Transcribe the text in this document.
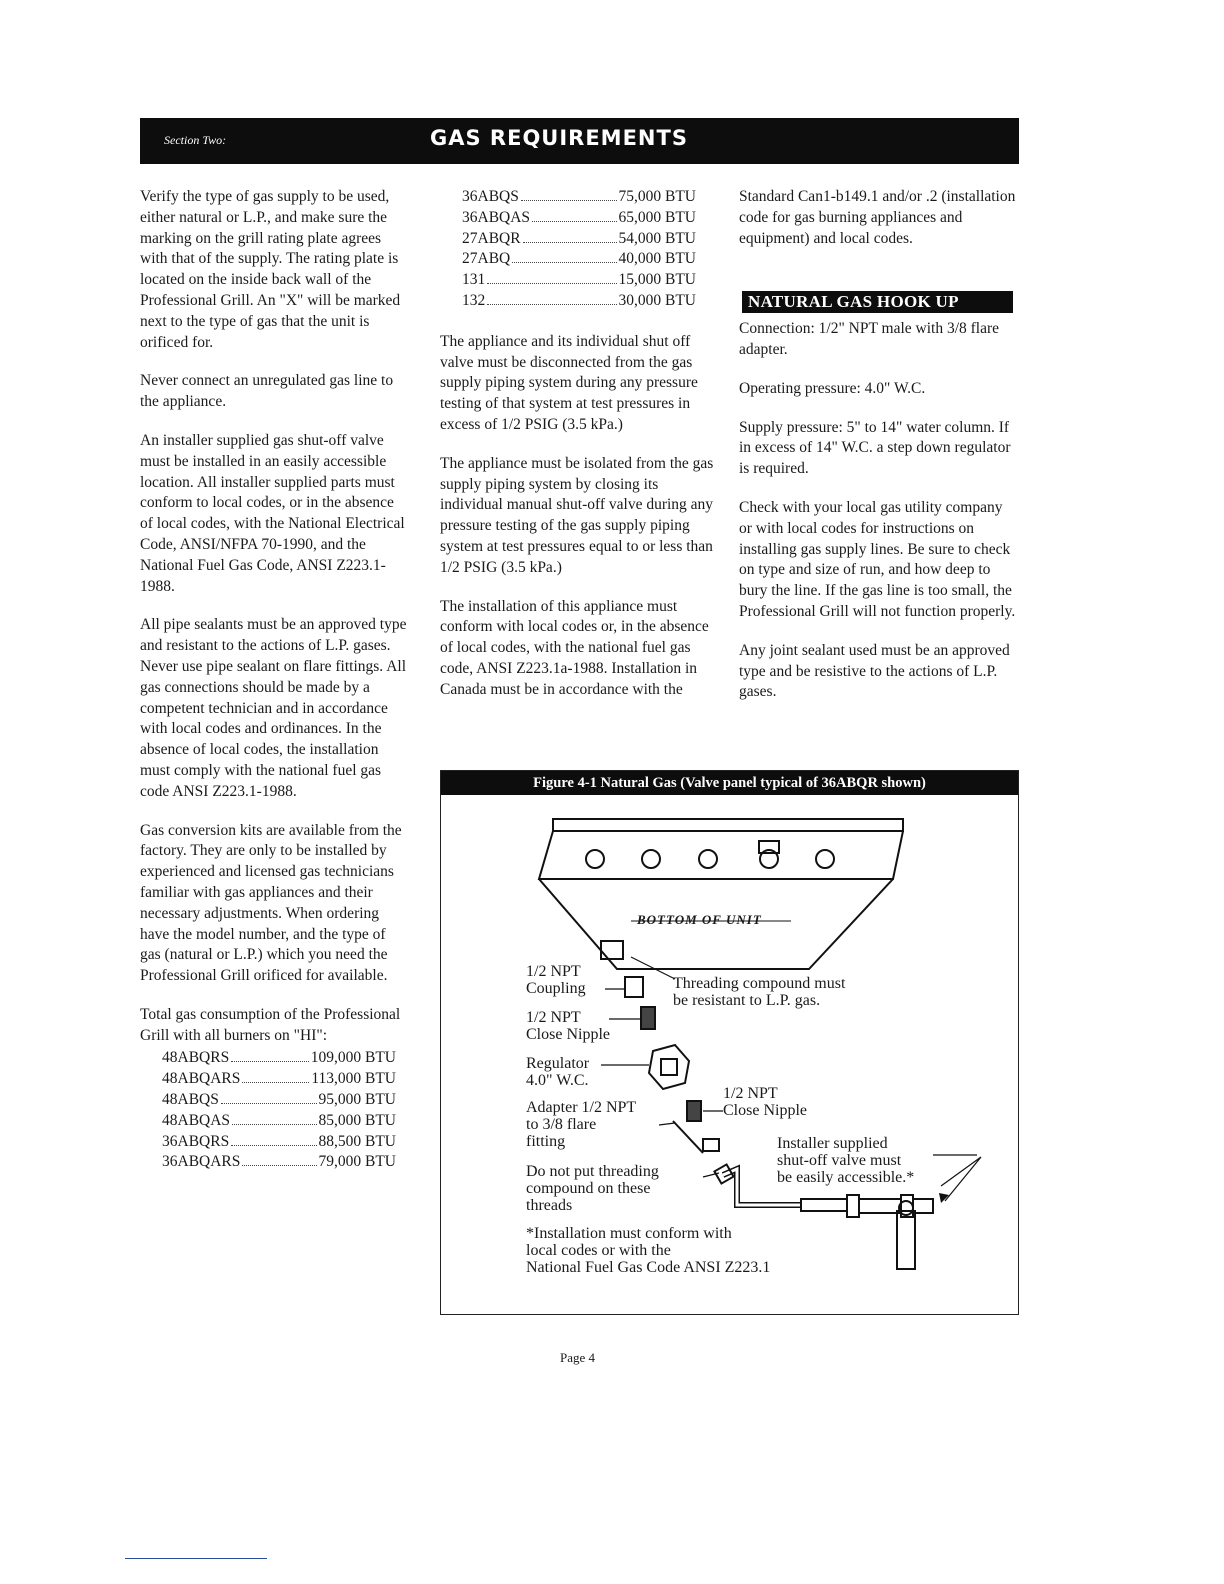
Section Two:	GAS REQUIREMENTS

Verify the type of gas supply to be used, either natural or L.P., and make sure the marking on the grill rating plate agrees with that of the supply. The rating plate is located on the inside back wall of the Professional Grill. An "X" will be marked next to the type of gas that the unit is orificed for.

Never connect an unregulated gas line to the appliance.

An installer supplied gas shut-off valve must be installed in an easily accessible location. All installer supplied parts must conform to local codes, or in the absence of local codes, with the National Electrical Code, ANSI/NFPA 70-1990, and the National Fuel Gas Code, ANSI Z223.1-1988.

All pipe sealants must be an approved type and resistant to the actions of L.P. gases. Never use pipe sealant on flare fittings. All gas connections should be made by a competent technician and in accordance with local codes and ordinances. In the absence of local codes, the installation must comply with the national fuel gas code ANSI Z223.1-1988.

Gas conversion kits are available from the factory. They are only to be installed by experienced and licensed gas technicians familiar with gas appliances and their necessary adjustments. When ordering have the model number, and the type of gas (natural or L.P.) which you need the Professional Grill orificed for available.

Total gas consumption of the Professional Grill with all burners on "HI":

48ABQRS	109,000 BTU
48ABQARS	113,000 BTU
48ABQS	95,000 BTU
48ABQAS	85,000 BTU
36ABQRS	88,500 BTU
36ABQARS	79,000 BTU
36ABQS	75,000 BTU
36ABQAS	65,000 BTU
27ABQR	54,000 BTU
27ABQ	40,000 BTU
131	15,000 BTU
132	30,000 BTU

The appliance and its individual shut off valve must be disconnected from the gas supply piping system during any pressure testing of that system at test pressures in excess of 1/2 PSIG (3.5 kPa.)

The appliance must be isolated from the gas supply piping system by closing its individual manual shut-off valve during any pressure testing of the gas supply piping system at test pressures equal to or less than 1/2 PSIG (3.5 kPa.)

The installation of this appliance must conform with local codes or, in the absence of local codes, with the national fuel gas code, ANSI Z223.1a-1988. Installation in Canada must be in accordance with the

Standard Can1-b149.1 and/or .2 (installation code for gas burning appliances and equipment) and local codes.

NATURAL GAS HOOK UP

Connection: 1/2" NPT male with 3/8 flare adapter.

Operating pressure: 4.0" W.C.

Supply pressure: 5" to 14" water column. If in excess of 14" W.C. a step down regulator is required.

Check with your local gas utility company or with local codes for instructions on installing gas supply lines. Be sure to check on type and size of run, and how deep to bury the line. If the gas line is too small, the Professional Grill will not function properly.

Any joint sealant used must be an approved type and be resistive to the actions of L.P. gases.

Figure 4-1 Natural Gas (Valve panel typical of 36ABQR shown)
BOTTOM OF UNIT
1/2 NPT
Coupling	Threading compound must
be resistant to L.P. gas.
1/2 NPT
Close Nipple
Regulator
4.0" W.C.
1/2 NPT
Close Nipple
Adapter 1/2 NPT
to 3/8 flare
fitting	Installer supplied
shut-off valve must
be easily accessible.*
Do not put threading
compound on these
threads
*Installation must conform with
local codes or with the
National Fuel Gas Code ANSI Z223.1
Page 4
